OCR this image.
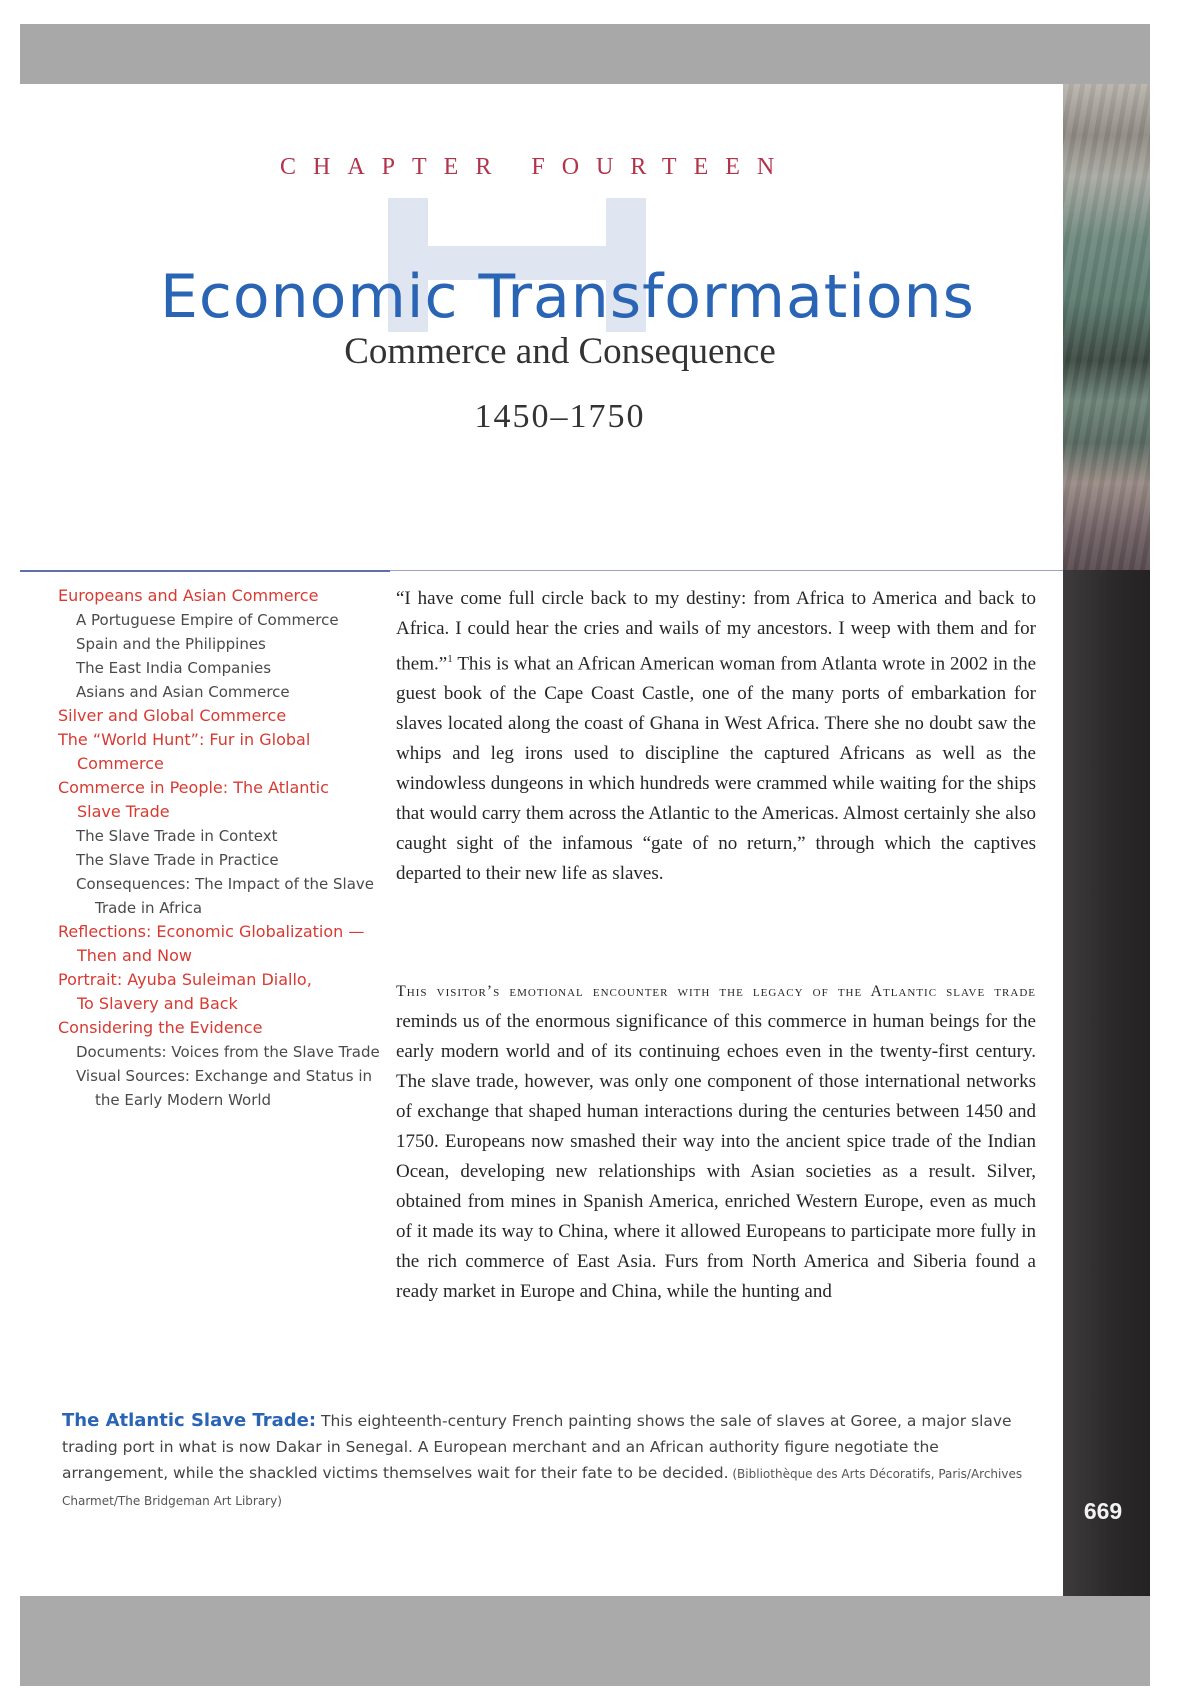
CHAPTER FOURTEEN
Economic Transformations
Commerce and Consequence
1450–1750
Europeans and Asian Commerce
A Portuguese Empire of Commerce
Spain and the Philippines
The East India Companies
Asians and Asian Commerce
Silver and Global Commerce
The “World Hunt”: Fur in Global
Commerce
Commerce in People: The Atlantic
Slave Trade
The Slave Trade in Context
The Slave Trade in Practice
Consequences: The Impact of the Slave
Trade in Africa
Reflections: Economic Globalization —
Then and Now
Portrait: Ayuba Suleiman Diallo,
To Slavery and Back
Considering the Evidence
Documents: Voices from the Slave Trade
Visual Sources: Exchange and Status in
the Early Modern World
“I have come full circle back to my destiny: from Africa to America and back to Africa. I could hear the cries and wails of my ancestors. I weep with them and for them.”$^1$ This is what an African American woman from Atlanta wrote in 2002 in the guest book of the Cape Coast Castle, one of the many ports of embarkation for slaves located along the coast of Ghana in West Africa. There she no doubt saw the whips and leg irons used to discipline the captured Africans as well as the windowless dungeons in which hundreds were crammed while waiting for the ships that would carry them across the Atlantic to the Americas. Almost certainly she also caught sight of the infamous “gate of no return,” through which the captives departed to their new life as slaves.
This visitor’s emotional encounter with the legacy of the Atlantic slave trade reminds us of the enormous significance of this commerce in human beings for the early modern world and of its continuing echoes even in the twenty-first century. The slave trade, however, was only one component of those international networks of exchange that shaped human interactions during the centuries between 1450 and 1750. Europeans now smashed their way into the ancient spice trade of the Indian Ocean, developing new relationships with Asian societies as a result. Silver, obtained from mines in Spanish America, enriched Western Europe, even as much of it made its way to China, where it allowed Europeans to participate more fully in the rich commerce of East Asia. Furs from North America and Siberia found a ready market in Europe and China, while the hunting and
The Atlantic Slave Trade: This eighteenth-century French painting shows the sale of slaves at Goree, a major slave trading port in what is now Dakar in Senegal. A European merchant and an African authority figure negotiate the arrangement, while the shackled victims themselves wait for their fate to be decided. (Bibliothèque des Arts Décoratifs, Paris/Archives Charmet/The Bridgeman Art Library)	669
